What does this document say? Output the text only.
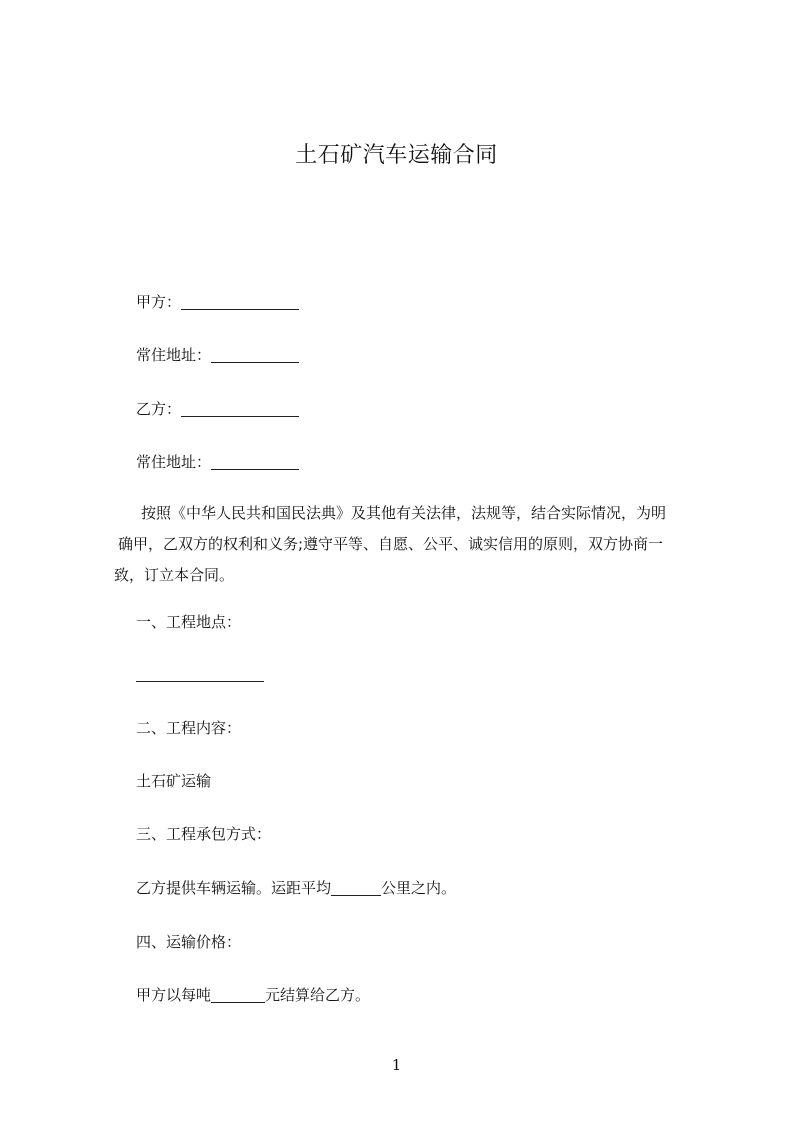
土石矿汽车运输合同
甲方：
常住地址：
乙方：
常住地址：
按照《中华人民共和国民法典》及其他有关法律，法规等，结合实际情况，为明
确甲，乙双方的权利和义务;遵守平等、自愿、公平、诚实信用的原则，双方协商一
致，订立本合同。
一、工程地点：
二、工程内容：
土石矿运输
三、工程承包方式：
乙方提供车辆运输。运距平均	公里之内。
四、运输价格：
甲方以每吨	元结算给乙方。
1
